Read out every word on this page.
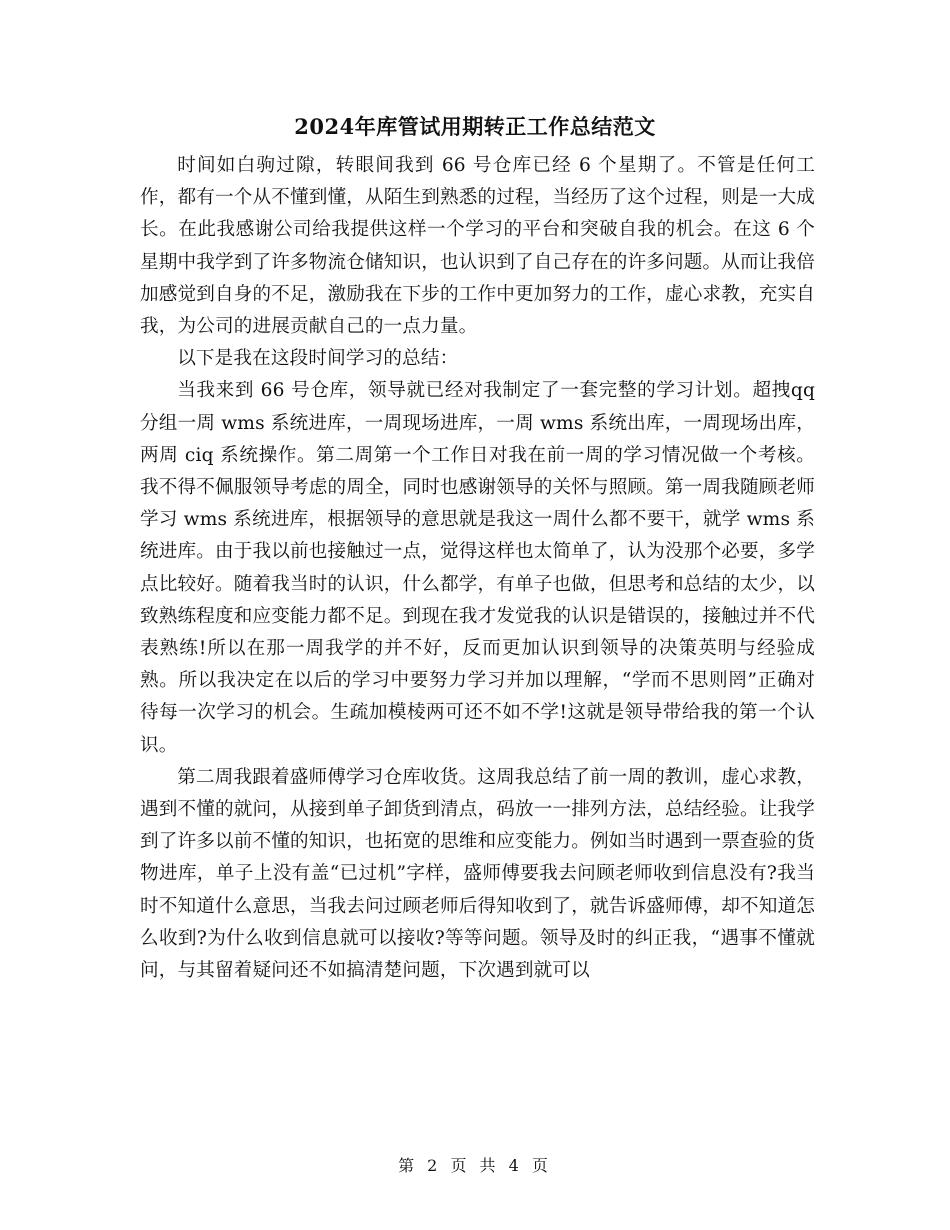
2024年库管试用期转正工作总结范文

时间如白驹过隙，转眼间我到 66 号仓库已经 6 个星期了。不管是任何工作，都有一个从不懂到懂，从陌生到熟悉的过程，当经历了这个过程，则是一大成长。在此我感谢公司给我提供这样一个学习的平台和突破自我的机会。在这 6 个星期中我学到了许多物流仓储知识，也认识到了自己存在的许多问题。从而让我倍加感觉到自身的不足，激励我在下步的工作中更加努力的工作，虚心求教，充实自我，为公司的进展贡献自己的一点力量。

以下是我在这段时间学习的总结：

当我来到 66 号仓库，领导就已经对我制定了一套完整的学习计划。超拽qq分组一周 wms 系统进库，一周现场进库，一周 wms 系统出库，一周现场出库，两周 ciq 系统操作。第二周第一个工作日对我在前一周的学习情况做一个考核。我不得不佩服领导考虑的周全，同时也感谢领导的关怀与照顾。第一周我随顾老师学习 wms 系统进库，根据领导的意思就是我这一周什么都不要干，就学 wms 系统进库。由于我以前也接触过一点，觉得这样也太简单了，认为没那个必要，多学点比较好。随着我当时的认识，什么都学，有单子也做，但思考和总结的太少，以致熟练程度和应变能力都不足。到现在我才发觉我的认识是错误的，接触过并不代表熟练!所以在那一周我学的并不好，反而更加认识到领导的决策英明与经验成熟。所以我决定在以后的学习中要努力学习并加以理解，“学而不思则罔”正确对待每一次学习的机会。生疏加模棱两可还不如不学!这就是领导带给我的第一个认识。

第二周我跟着盛师傅学习仓库收货。这周我总结了前一周的教训，虚心求教，遇到不懂的就问，从接到单子卸货到清点，码放一一排列方法，总结经验。让我学到了许多以前不懂的知识，也拓宽的思维和应变能力。例如当时遇到一票查验的货物进库，单子上没有盖“已过机”字样，盛师傅要我去问顾老师收到信息没有?我当时不知道什么意思，当我去问过顾老师后得知收到了，就告诉盛师傅，却不知道怎么收到?为什么收到信息就可以接收?等等问题。领导及时的纠正我，“遇事不懂就问，与其留着疑问还不如搞清楚问题，下次遇到就可以

第 2 页 共 4 页
